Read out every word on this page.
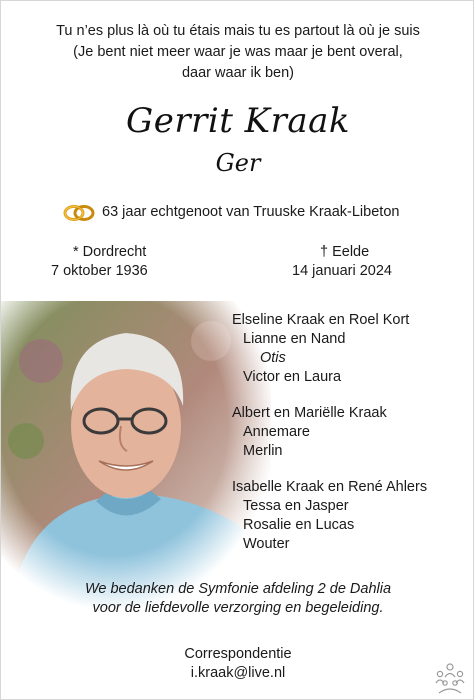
Tu n’es plus là où tu étais mais tu es partout là où je suis
(Je bent niet meer waar je was maar je bent overal,
daar waar ik ben)
Gerrit Kraak
Ger
63 jaar echtgenoot van Truuske Kraak-Libeton
* Dordrecht
7 oktober 1936
† Eelde
14 januari 2024
Elseline Kraak en Roel Kort
Lianne en Nand
Otis
Victor en Laura
Albert en Mariëlle Kraak
Annemare
Merlin
Isabelle Kraak en René Ahlers
Tessa en Jasper
Rosalie en Lucas
Wouter
We bedanken de Symfonie afdeling 2 de Dahlia
voor de liefdevolle verzorging en begeleiding.
Correspondentie
i.kraak@live.nl
